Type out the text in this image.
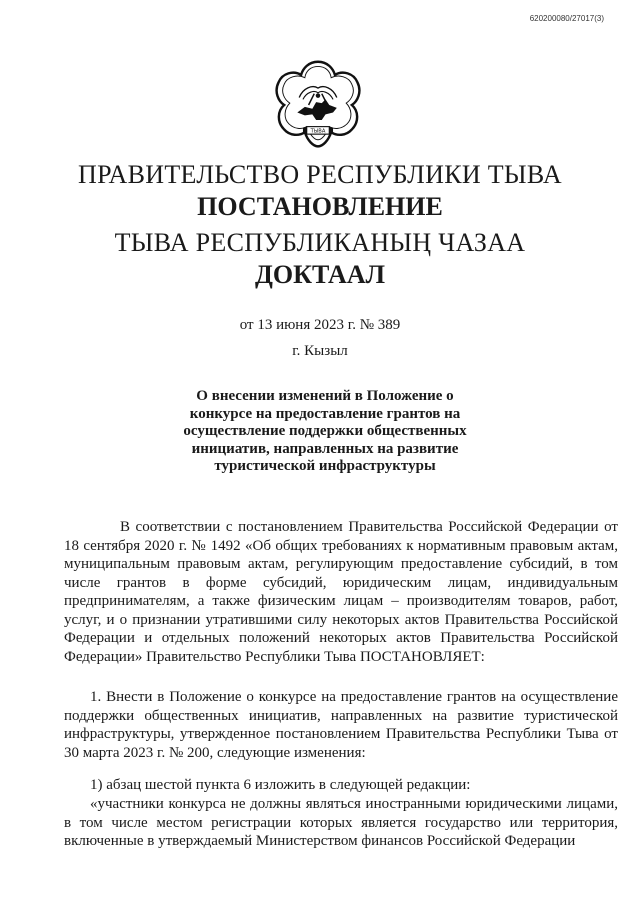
620200080/27017(3)
ТЫВА
ПРАВИТЕЛЬСТВО РЕСПУБЛИКИ ТЫВА
ПОСТАНОВЛЕНИЕ
ТЫВА РЕСПУБЛИКАНЫҢ ЧАЗАА
ДОКТААЛ
от 13 июня 2023 г. № 389
г. Кызыл
О внесении изменений в Положение о конкурсе на предоставление грантов на осуществление поддержки общественных инициатив, направленных на развитие туристической инфраструктуры
В соответствии с постановлением Правительства Российской Федерации от 18 сентября 2020 г. № 1492 «Об общих требованиях к нормативным правовым актам, муниципальным правовым актам, регулирующим предоставление субсидий, в том числе грантов в форме субсидий, юридическим лицам, индивидуальным предпринимателям, а также физическим лицам – производителям товаров, работ, услуг, и о признании утратившими силу некоторых актов Правительства Российской Федерации и отдельных положений некоторых актов Правительства Российской Федерации» Правительство Республики Тыва ПОСТАНОВЛЯЕТ:
1. Внести в Положение о конкурсе на предоставление грантов на осуществление поддержки общественных инициатив, направленных на развитие туристической инфраструктуры, утвержденное постановлением Правительства Республики Тыва от 30 марта 2023 г. № 200, следующие изменения:
1) абзац шестой пункта 6 изложить в следующей редакции:
«участники конкурса не должны являться иностранными юридическими лицами, в том числе местом регистрации которых является государство или территория, включенные в утверждаемый Министерством финансов Российской Федерации
